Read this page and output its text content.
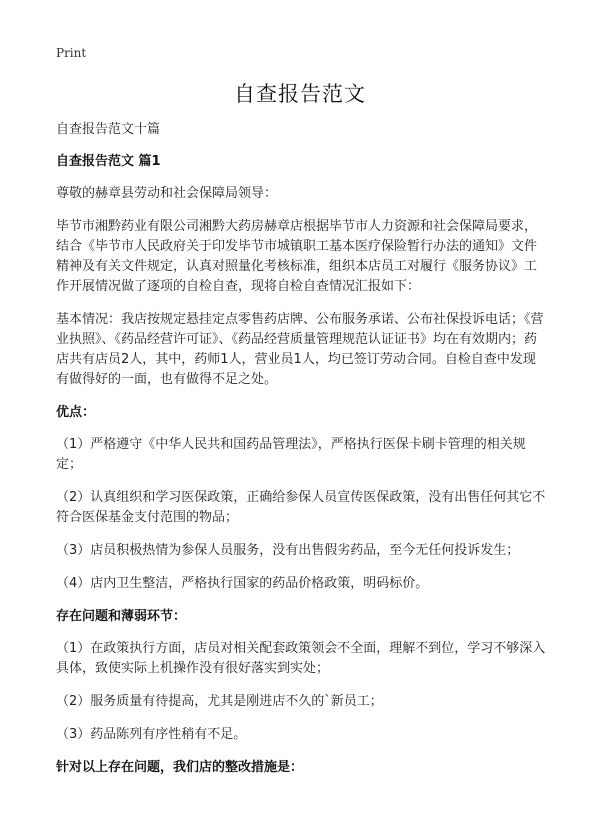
Print
自查报告范文

自查报告范文十篇

自查报告范文 篇1

尊敬的赫章县劳动和社会保障局领导：

毕节市湘黔药业有限公司湘黔大药房赫章店根据毕节市人力资源和社会保障局要求，结合《毕节市人民政府关于印发毕节市城镇职工基本医疗保险暂行办法的通知》文件精神及有关文件规定，认真对照量化考核标准，组织本店员工对履行《服务协议》工作开展情况做了逐项的自检自查，现将自检自查情况汇报如下：

基本情况：我店按规定悬挂定点零售药店牌、公布服务承诺、公布社保投诉电话；《营业执照》、《药品经营许可证》、《药品经营质量管理规范认证证书》均在有效期内；药店共有店员2人，其中，药师1人，营业员1人，均已签订劳动合同。自检自查中发现有做得好的一面，也有做得不足之处。

优点：

（1）严格遵守《中华人民共和国药品管理法》，严格执行医保卡刷卡管理的相关规定；

（2）认真组织和学习医保政策，正确给参保人员宣传医保政策，没有出售任何其它不符合医保基金支付范围的物品；

（3）店员积极热情为参保人员服务，没有出售假劣药品，至今无任何投诉发生；

（4）店内卫生整洁，严格执行国家的药品价格政策，明码标价。

存在问题和薄弱环节：

（1）在政策执行方面，店员对相关配套政策领会不全面，理解不到位，学习不够深入具体，致使实际上机操作没有很好落实到实处；

（2）服务质量有待提高，尤其是刚进店不久的`新员工；

（3）药品陈列有序性稍有不足。

针对以上存在问题，我们店的整改措施是：
